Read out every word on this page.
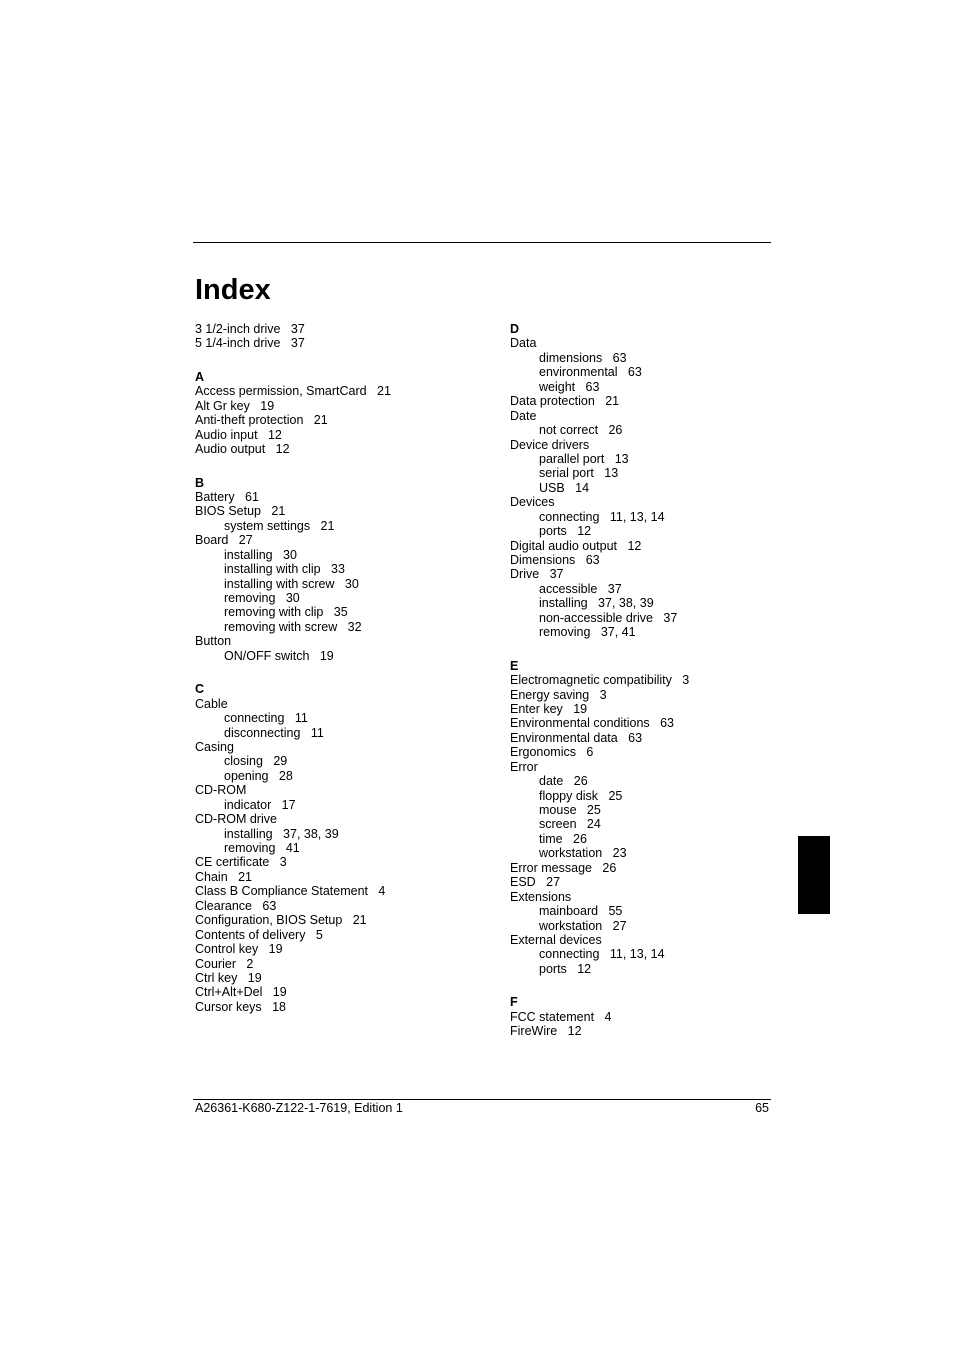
Index
3 1/2-inch drive   37
5 1/4-inch drive   37
A
Access permission, SmartCard   21
Alt Gr key   19
Anti-theft protection   21
Audio input   12
Audio output   12
B
Battery   61
BIOS Setup   21
system settings   21
Board   27
installing   30
installing with clip   33
installing with screw   30
removing   30
removing with clip   35
removing with screw   32
Button
ON/OFF switch   19
C
Cable
connecting   11
disconnecting   11
Casing
closing   29
opening   28
CD-ROM
indicator   17
CD-ROM drive
installing   37, 38, 39
removing   41
CE certificate   3
Chain   21
Class B Compliance Statement   4
Clearance   63
Configuration, BIOS Setup   21
Contents of delivery   5
Control key   19
Courier   2
Ctrl key   19
Ctrl+Alt+Del   19
Cursor keys   18
D
Data
dimensions   63
environmental   63
weight   63
Data protection   21
Date
not correct   26
Device drivers
parallel port   13
serial port   13
USB   14
Devices
connecting   11, 13, 14
ports   12
Digital audio output   12
Dimensions   63
Drive   37
accessible   37
installing   37, 38, 39
non-accessible drive   37
removing   37, 41
E
Electromagnetic compatibility   3
Energy saving   3
Enter key   19
Environmental conditions   63
Environmental data   63
Ergonomics   6
Error
date   26
floppy disk   25
mouse   25
screen   24
time   26
workstation   23
Error message   26
ESD   27
Extensions
mainboard   55
workstation   27
External devices
connecting   11, 13, 14
ports   12
F
FCC statement   4
FireWire   12
A26361-K680-Z122-1-7619, Edition 1	65
